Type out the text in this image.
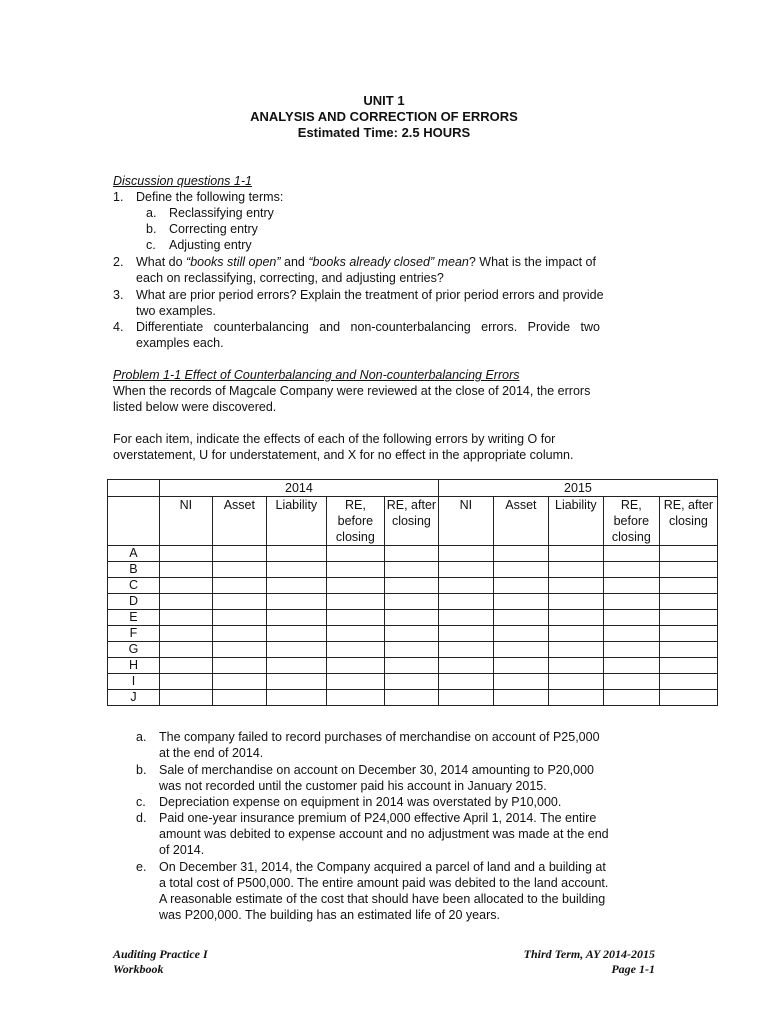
UNIT 1
ANALYSIS AND CORRECTION OF ERRORS
Estimated Time: 2.5 HOURS
Discussion questions 1-1
1. Define the following terms:
a. Reclassifying entry
b. Correcting entry
c. Adjusting entry
2. What do “books still open” and “books already closed” mean? What is the impact of
each on reclassifying, correcting, and adjusting entries?
3. What are prior period errors? Explain the treatment of prior period errors and provide
two examples.
4. Differentiate   counterbalancing   and   non-counterbalancing   errors.   Provide   two
examples each.
Problem 1-1 Effect of Counterbalancing and Non-counterbalancing Errors
When the records of Magcale Company were reviewed at the close of 2014, the errors
listed below were discovered.
For each item, indicate the effects of each of the following errors by writing O for
overstatement, U for understatement, and X for no effect in the appropriate column.
	2014					2015				
	NI	Asset	Liability	RE, before closing	RE, after closing	NI	Asset	Liability	RE, before closing	RE, after closing
A										
B										
C										
D										
E										
F										
G										
H										
I										
J										
a. The company failed to record purchases of merchandise on account of P25,000
at the end of 2014.
b. Sale of merchandise on account on December 30, 2014 amounting to P20,000
was not recorded until the customer paid his account in January 2015.
c. Depreciation expense on equipment in 2014 was overstated by P10,000.
d. Paid one-year insurance premium of P24,000 effective April 1, 2014. The entire
amount was debited to expense account and no adjustment was made at the end
of 2014.
e. On December 31, 2014, the Company acquired a parcel of land and a building at
a total cost of P500,000. The entire amount paid was debited to the land account.
A reasonable estimate of the cost that should have been allocated to the building
was P200,000. The building has an estimated life of 20 years.
Auditing Practice I
Workbook
Third Term, AY 2014-2015
Page 1-1
